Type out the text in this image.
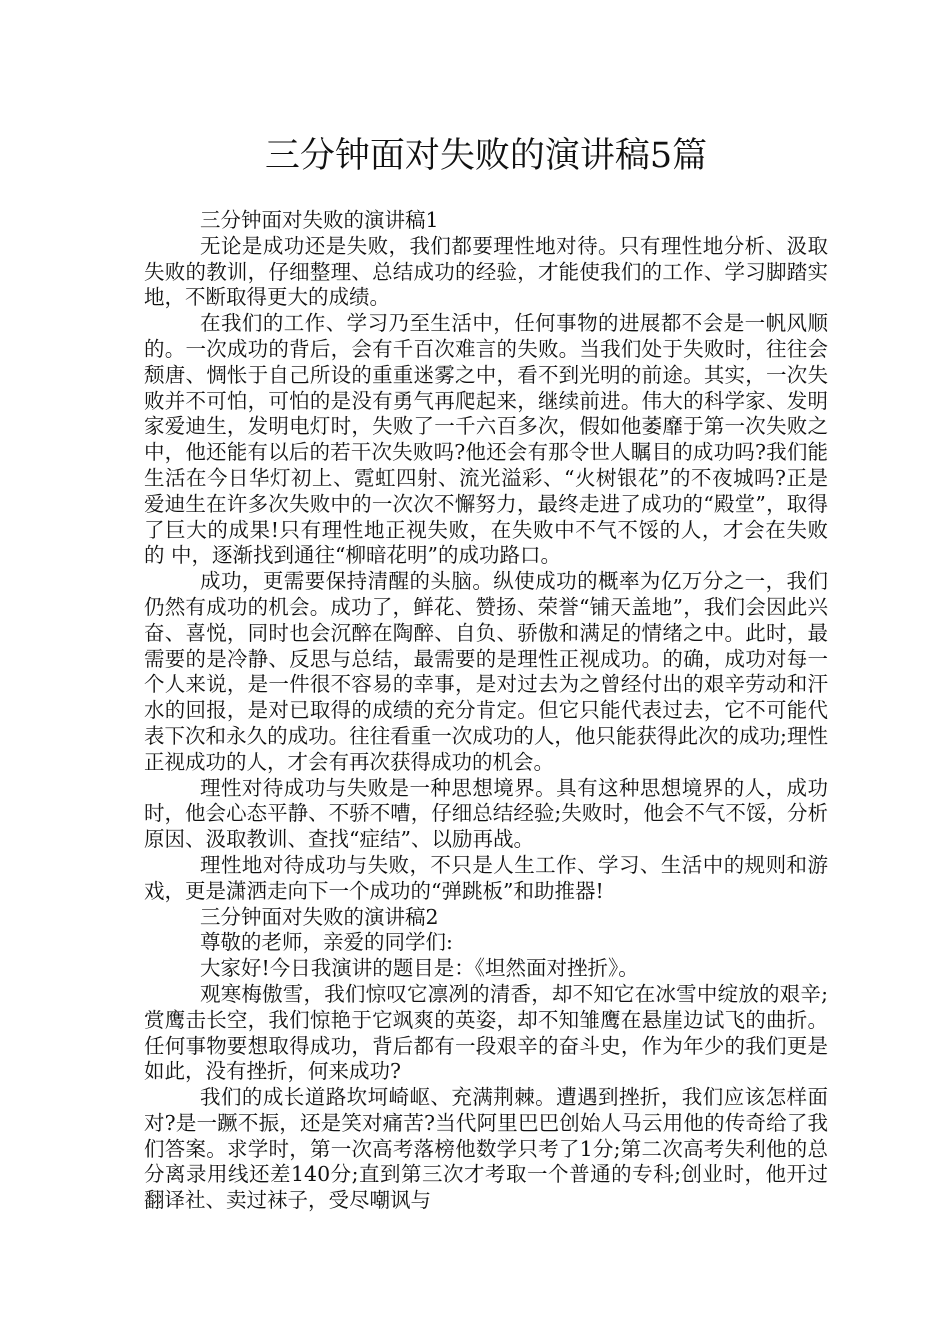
三分钟面对失败的演讲稿5篇

三分钟面对失败的演讲稿1

无论是成功还是失败，我们都要理性地对待。只有理性地分析、汲取失败的教训，仔细整理、总结成功的经验，才能使我们的工作、学习脚踏实地，不断取得更大的成绩。

在我们的工作、学习乃至生活中，任何事物的进展都不会是一帆风顺的。一次成功的背后，会有千百次难言的失败。当我们处于失败时，往往会颓唐、惆怅于自己所设的重重迷雾之中，看不到光明的前途。其实，一次失败并不可怕，可怕的是没有勇气再爬起来，继续前进。伟大的科学家、发明家爱迪生，发明电灯时，失败了一千六百多次，假如他萎靡于第一次失败之中，他还能有以后的若干次失败吗?他还会有那令世人瞩目的成功吗?我们能生活在今日华灯初上、霓虹四射、流光溢彩、“火树银花”的不夜城吗?正是爱迪生在许多次失败中的一次次不懈努力，最终走进了成功的“殿堂”，取得了巨大的成果!只有理性地正视失败，在失败中不气不馁的人，才会在失败的 中，逐渐找到通往“柳暗花明”的成功路口。

成功，更需要保持清醒的头脑。纵使成功的概率为亿万分之一，我们仍然有成功的机会。成功了，鲜花、赞扬、荣誉“铺天盖地”，我们会因此兴奋、喜悦，同时也会沉醉在陶醉、自负、骄傲和满足的情绪之中。此时，最需要的是冷静、反思与总结，最需要的是理性正视成功。的确，成功对每一个人来说，是一件很不容易的幸事，是对过去为之曾经付出的艰辛劳动和汗水的回报，是对已取得的成绩的充分肯定。但它只能代表过去，它不可能代表下次和永久的成功。往往看重一次成功的人，他只能获得此次的成功;理性正视成功的人，才会有再次获得成功的机会。

理性对待成功与失败是一种思想境界。具有这种思想境界的人，成功时，他会心态平静、不骄不嘈，仔细总结经验;失败时，他会不气不馁，分析原因、汲取教训、查找“症结”、以励再战。

理性地对待成功与失败，不只是人生工作、学习、生活中的规则和游戏，更是潇洒走向下一个成功的“弹跳板”和助推器!

三分钟面对失败的演讲稿2

尊敬的老师，亲爱的同学们:

大家好!今日我演讲的题目是：《坦然面对挫折》。

观寒梅傲雪，我们惊叹它凛冽的清香，却不知它在冰雪中绽放的艰辛;赏鹰击长空，我们惊艳于它飒爽的英姿，却不知雏鹰在悬崖边试飞的曲折。任何事物要想取得成功，背后都有一段艰辛的奋斗史，作为年少的我们更是如此，没有挫折，何来成功?

我们的成长道路坎坷崎岖、充满荆棘。遭遇到挫折，我们应该怎样面对?是一蹶不振，还是笑对痛苦?当代阿里巴巴创始人马云用他的传奇给了我们答案。求学时，第一次高考落榜他数学只考了1分;第二次高考失利他的总分离录用线还差140分;直到第三次才考取一个普通的专科;创业时，他开过翻译社、卖过袜子，受尽嘲讽与
